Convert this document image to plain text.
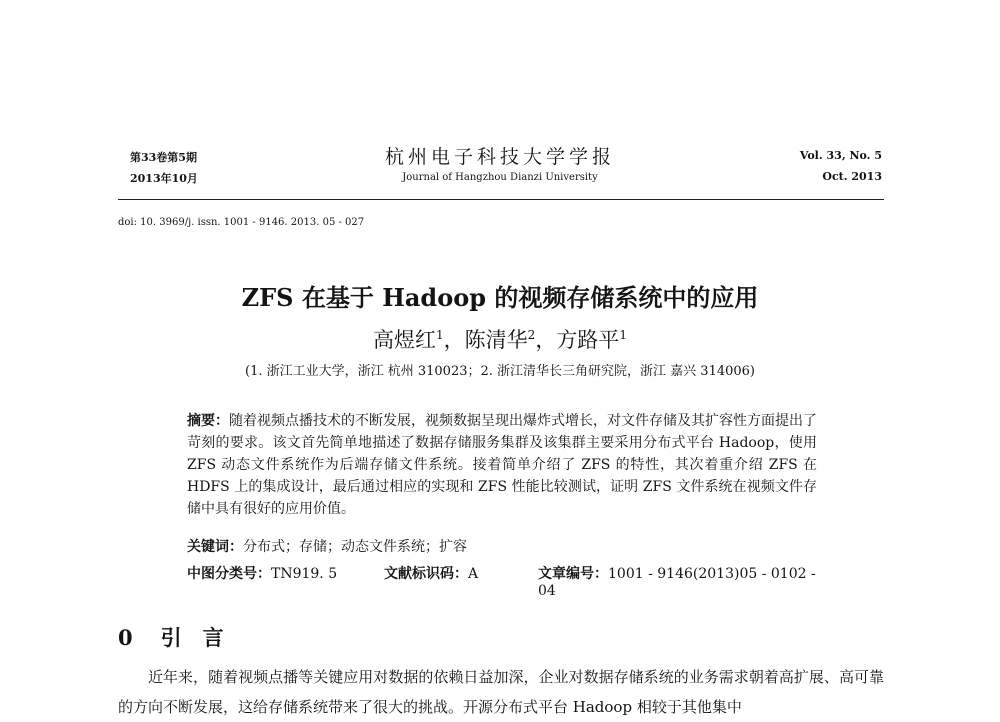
第33卷第5期
2013年10月
杭州电子科技大学学报
Journal of Hangzhou Dianzi University
Vol. 33, No. 5
Oct. 2013
doi: 10. 3969/j. issn. 1001 - 9146. 2013. 05 - 027
ZFS 在基于 Hadoop 的视频存储系统中的应用
高煜红$^1$，陈清华$^2$，方路平$^1$
(1. 浙江工业大学，浙江 杭州 310023；2. 浙江清华长三角研究院，浙江 嘉兴 314006)
摘要：随着视频点播技术的不断发展，视频数据呈现出爆炸式增长，对文件存储及其扩容性方面提出了苛刻的要求。该文首先简单地描述了数据存储服务集群及该集群主要采用分布式平台 Hadoop，使用 ZFS 动态文件系统作为后端存储文件系统。接着简单介绍了 ZFS 的特性，其次着重介绍 ZFS 在 HDFS 上的集成设计，最后通过相应的实现和 ZFS 性能比较测试，证明 ZFS 文件系统在视频文件存储中具有很好的应用价值。
关键词：分布式；存储；动态文件系统；扩容
中图分类号：TN919. 5	文献标识码：A	文章编号：1001 - 9146(2013)05 - 0102 - 04
0 引　言
近年来，随着视频点播等关键应用对数据的依赖日益加深，企业对数据存储系统的业务需求朝着高扩展、高可靠的方向不断发展，这给存储系统带来了很大的挑战。开源分布式平台 Hadoop 相较于其他集中
